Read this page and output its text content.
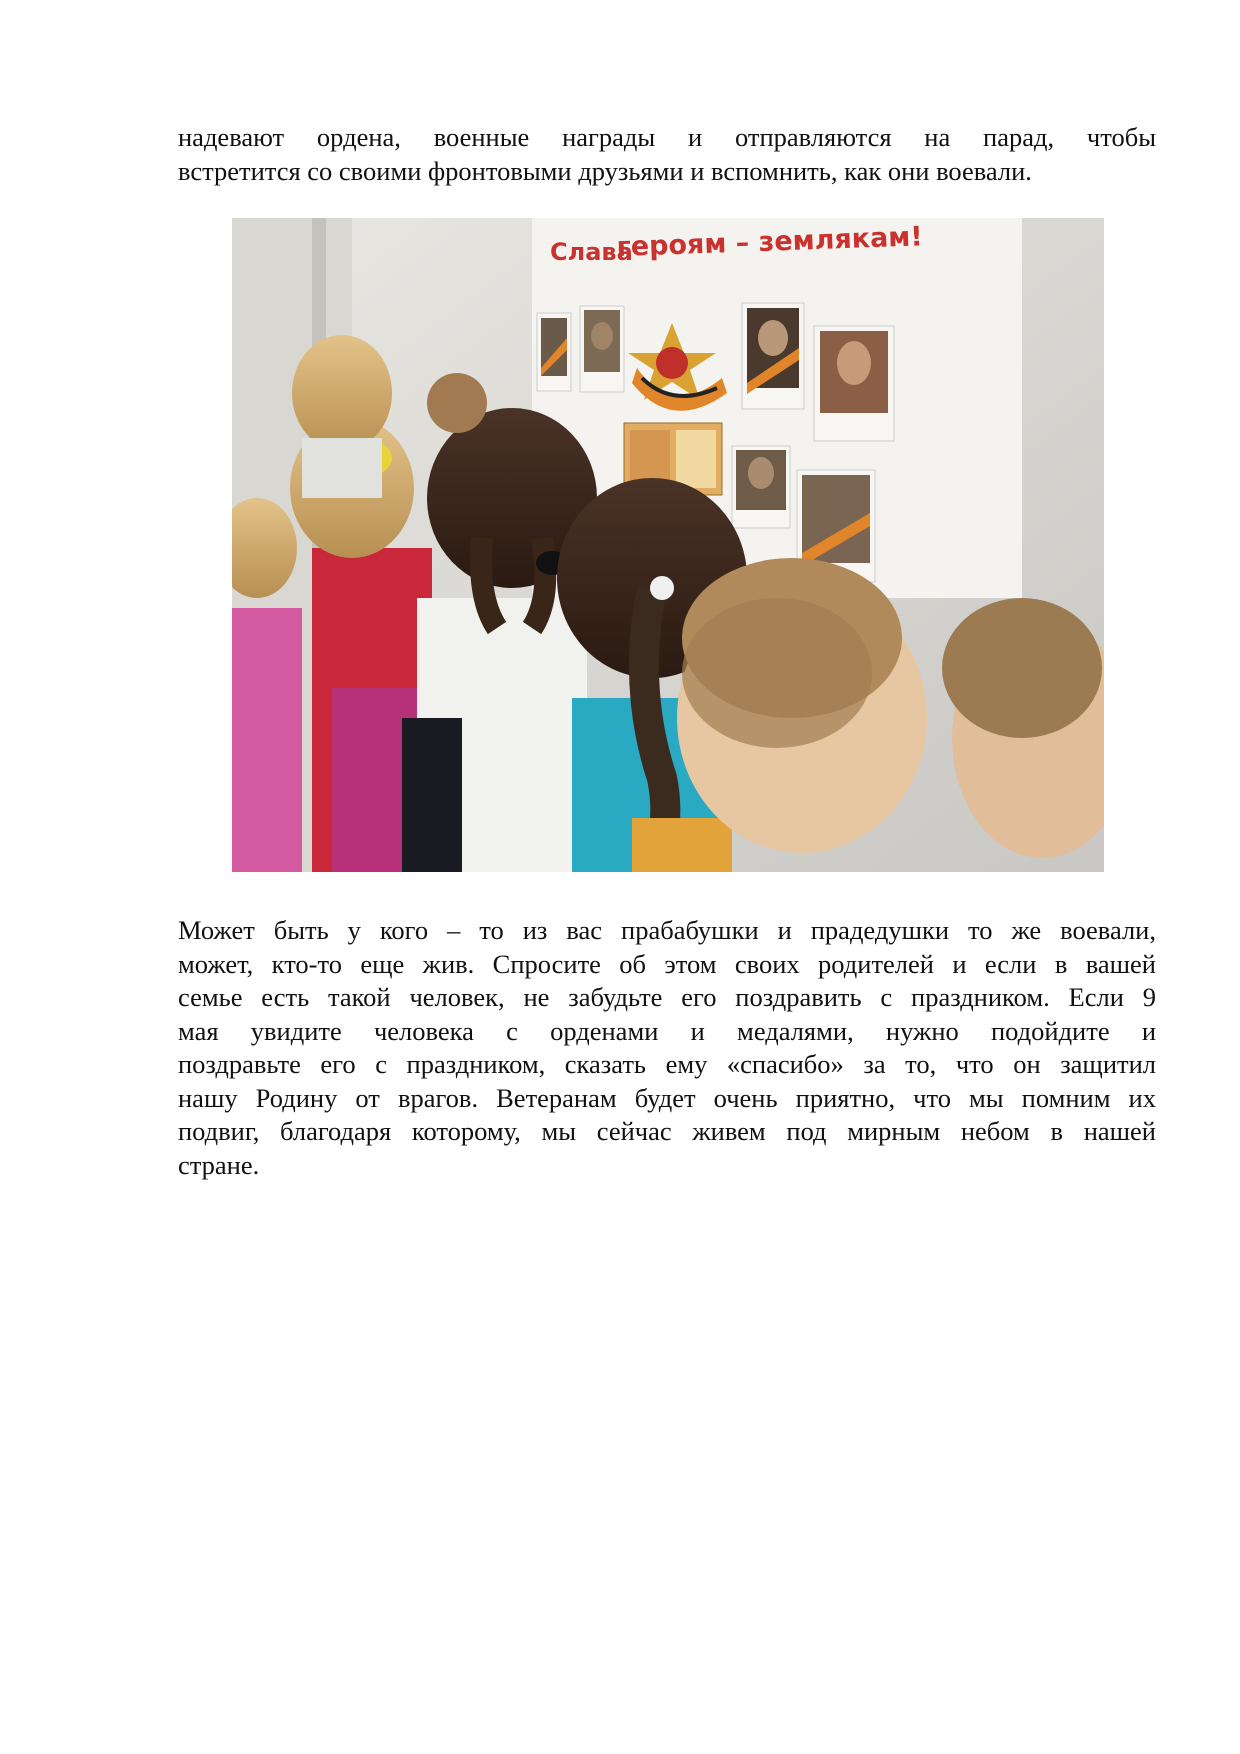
надевают ордена, военные награды и отправляются на парад, чтобы
встретится со своими фронтовыми друзьями и вспомнить, как они воевали.
Слава
героям – землякам!
Может быть у кого – то из вас прабабушки и прадедушки то же воевали,
может, кто-то еще жив. Спросите об этом своих родителей и если в вашей
семье есть такой человек, не забудьте его поздравить с праздником. Если 9
мая увидите человека с орденами и медалями, нужно подойдите и
поздравьте его с праздником, сказать ему «спасибо» за то, что он защитил
нашу Родину от врагов. Ветеранам будет очень приятно, что мы помним их
подвиг, благодаря которому, мы сейчас живем под мирным небом в нашей
стране.
